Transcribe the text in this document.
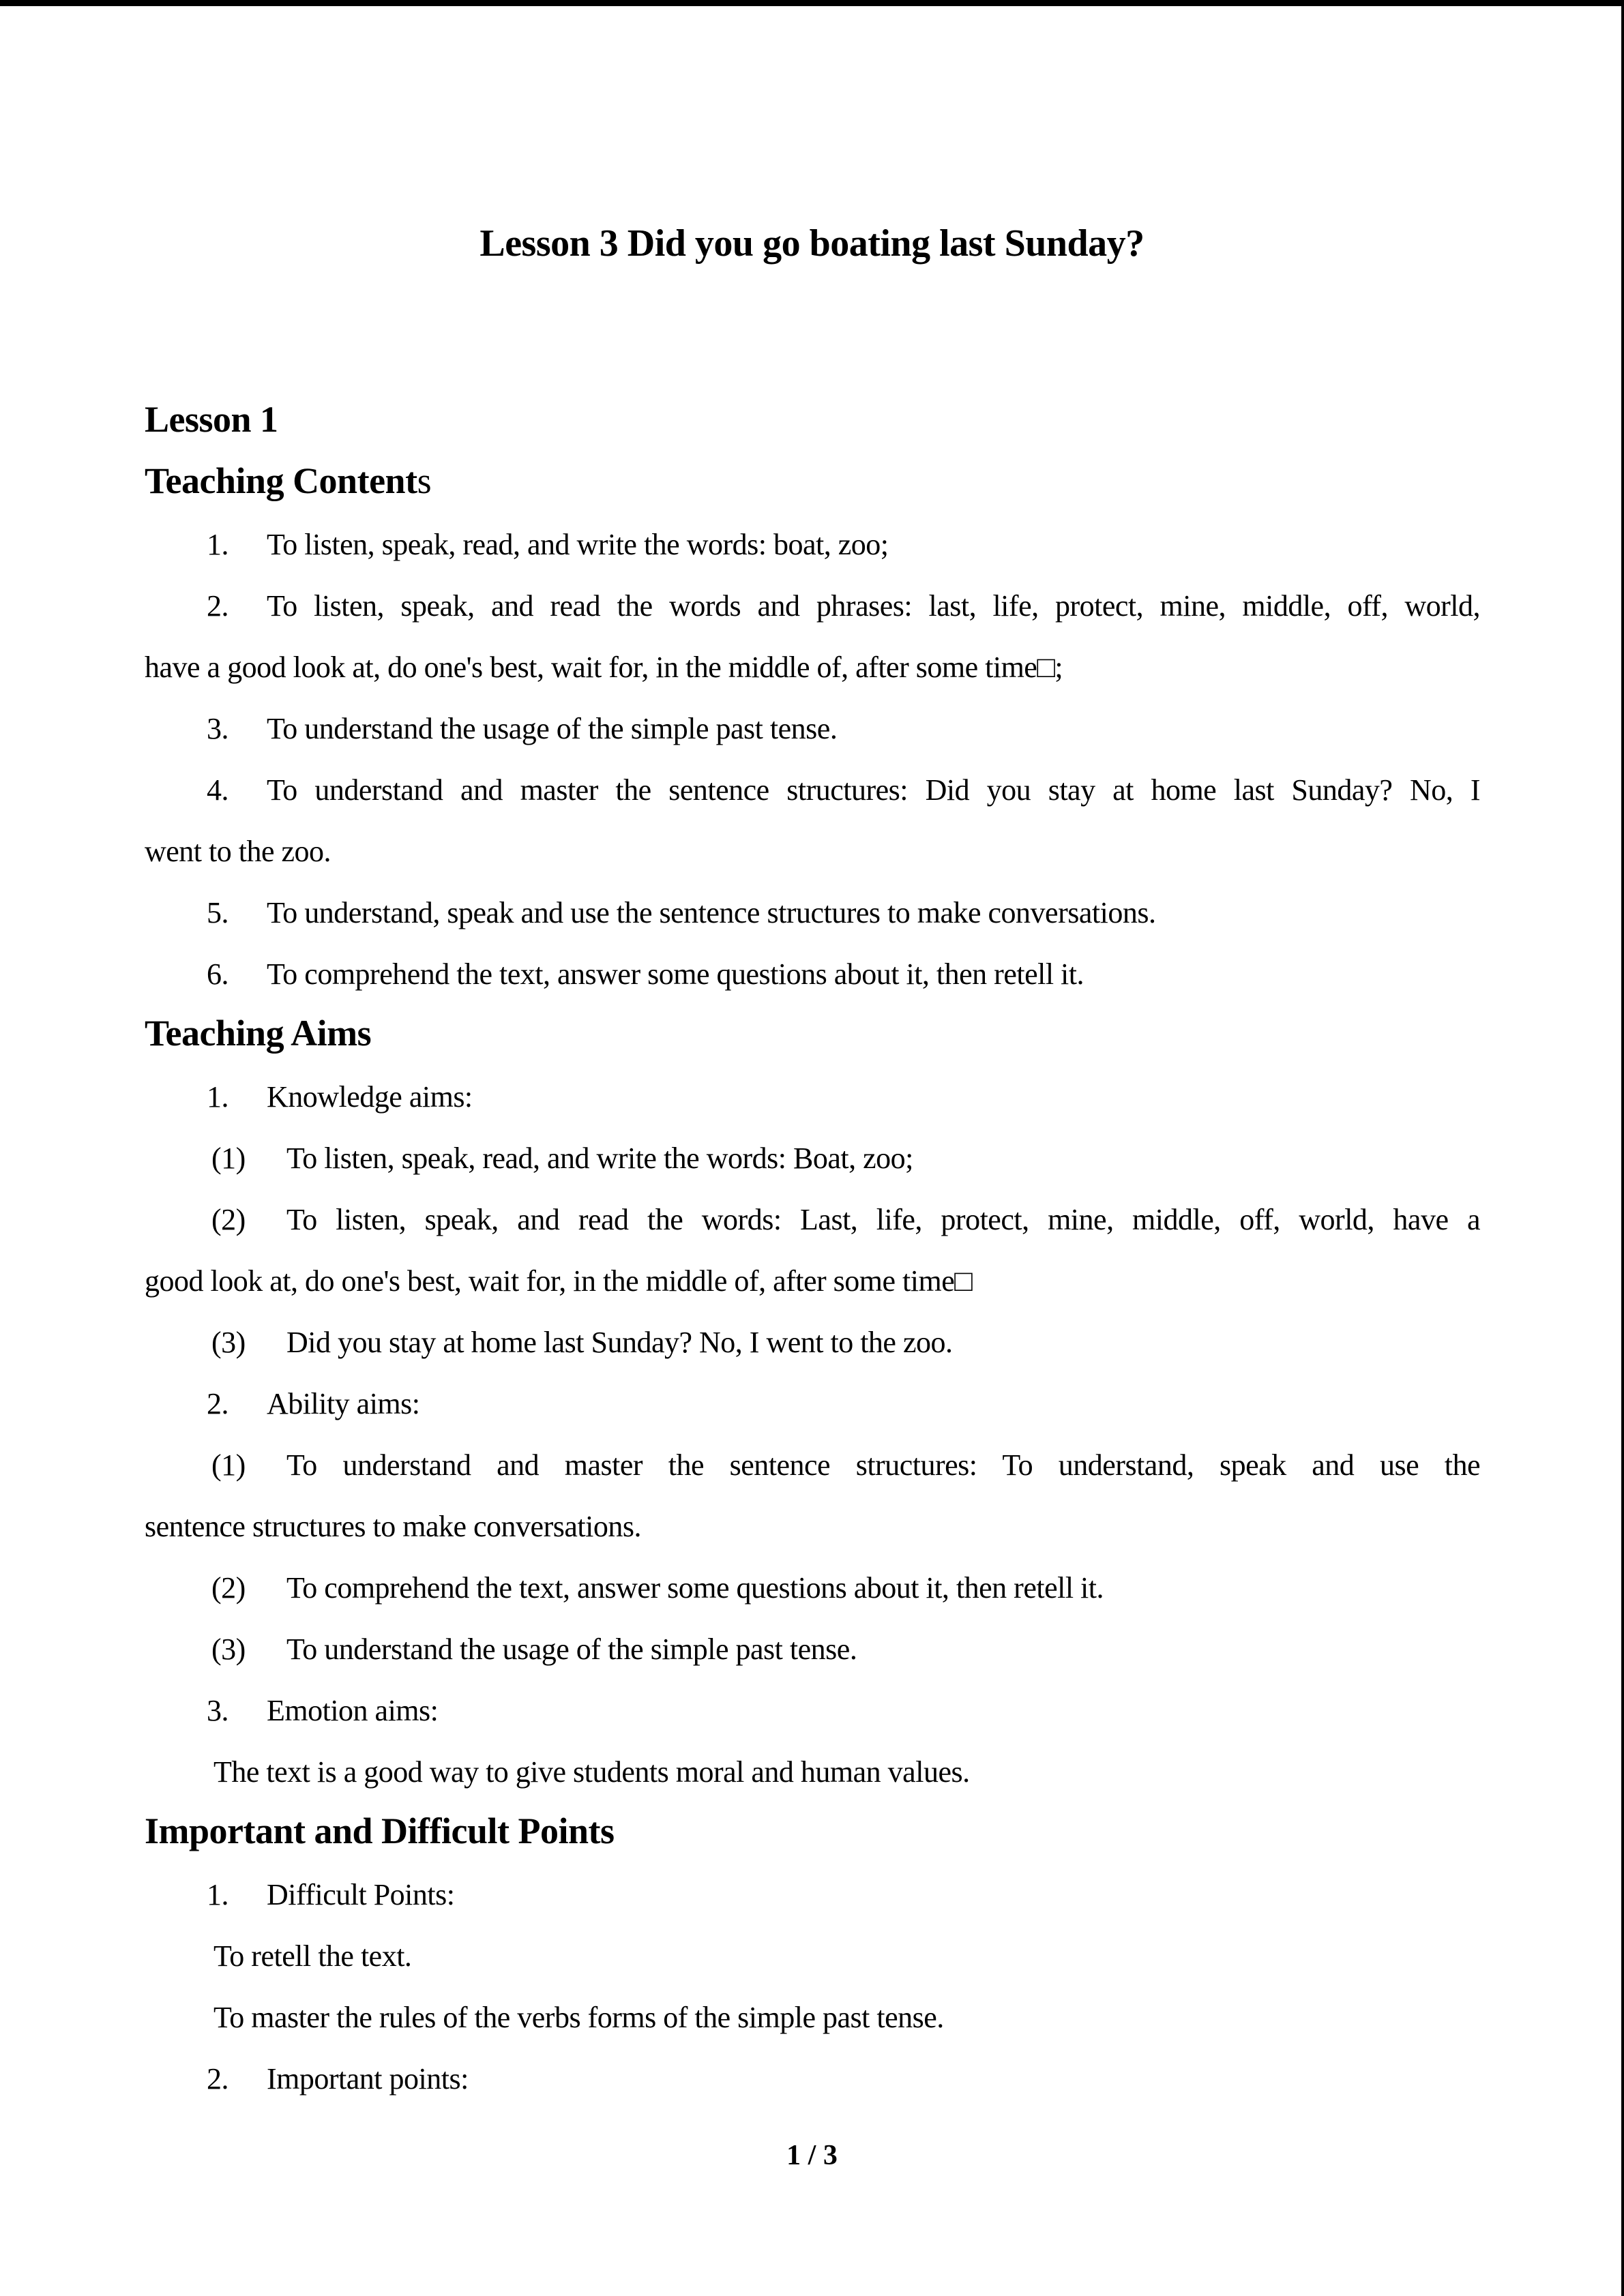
Lesson 3 Did you go boating last Sunday?
Lesson 1
Teaching Contents
1. To listen, speak, read, and write the words: boat, zoo;
2. To listen, speak, and read the words and phrases: last, life, protect, mine, middle, off, world,
have a good look at, do one's best, wait for, in the middle of, after some time□;
3. To understand the usage of the simple past tense.
4. To understand and master the sentence structures: Did you stay at home last Sunday? No, I
went to the zoo.
5. To understand, speak and use the sentence structures to make conversations.
6. To comprehend the text, answer some questions about it, then retell it.
Teaching Aims
1. Knowledge aims:
(1) To listen, speak, read, and write the words: Boat, zoo;
(2) To listen, speak, and read the words: Last, life, protect, mine, middle, off, world, have a
good look at, do one's best, wait for, in the middle of, after some time□
(3) Did you stay at home last Sunday? No, I went to the zoo.
2. Ability aims:
(1) To understand and master the sentence structures: To understand, speak and use the
sentence structures to make conversations.
(2) To comprehend the text, answer some questions about it, then retell it.
(3) To understand the usage of the simple past tense.
3. Emotion aims:
The text is a good way to give students moral and human values.
Important and Difficult Points
1. Difficult Points:
To retell the text.
To master the rules of the verbs forms of the simple past tense.
2. Important points:
1 / 3
